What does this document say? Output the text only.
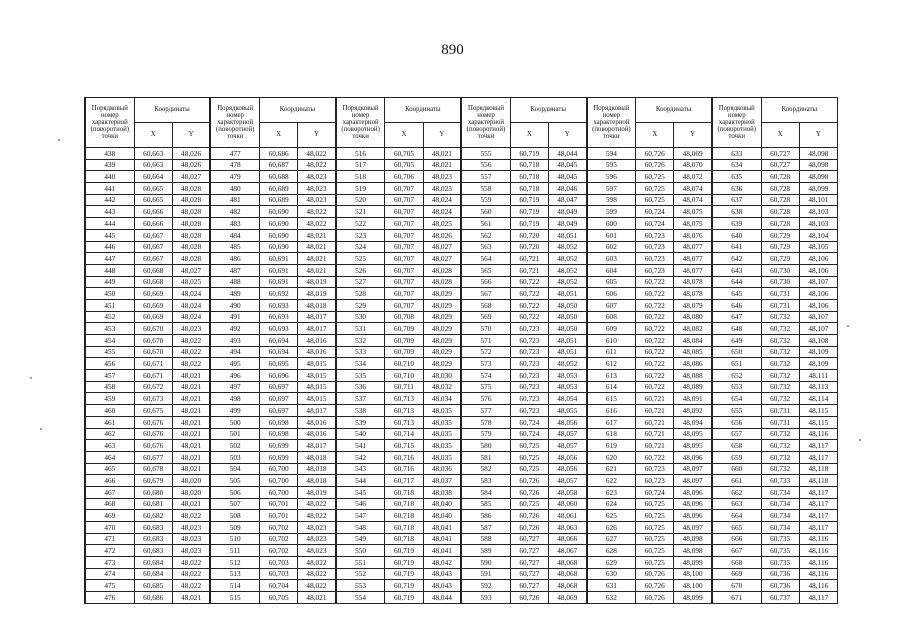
890
Порядковый номер характерной (поворотной) точки	Координаты		Порядковый номер характерной (поворотной) точки	Координаты		Порядковый номер характерной (поворотной) точки	Координаты		Порядковый номер характерной (поворотной) точки	Координаты		Порядковый номер характерной (поворотной) точки	Координаты		Порядковый номер характерной (поворотной) точки	Координаты	
	X	Y		X	Y		X	Y		X	Y		X	Y		X	Y
438	60,663	48,026	477	60,686	48,022	516	60,705	48,021	555	60,719	48,044	594	60,726	48,069	633	60,727	48,098
439	60,663	48,026	478	60,687	48,022	517	60,705	48,021	556	60,718	48,045	595	60,726	48,070	634	60,727	48,098
440	60,664	48,027	479	60,688	48,023	518	60,706	48,023	557	60,718	48,045	596	60,725	48,072	635	60,728	48,098
441	60,665	48,028	480	60,689	48,023	519	60,707	48,023	558	60,718	48,046	597	60,725	48,074	636	60,728	48,099
442	60,665	48,028	481	60,689	48,023	520	60,707	48,024	559	60,719	48,047	598	60,725	48,074	637	60,728	48,101
443	60,666	48,028	482	60,690	48,022	521	60,707	48,024	560	60,719	48,049	599	60,724	48,075	638	60,728	48,103
444	60,666	48,028	483	60,690	48,022	522	60,707	48,025	561	60,719	48,049	600	60,724	48,075	639	60,728	48,103
445	60,667	48,028	484	60,690	48,021	523	60,707	48,026	562	60,720	48,051	601	60,723	48,076	640	60,729	48,104
446	60,667	48,028	485	60,690	48,021	524	60,707	48,027	563	60,720	48,052	602	60,723	48,077	641	60,729	48,105
447	60,667	48,028	486	60,691	48,021	525	60,707	48,027	564	60,721	48,052	603	60,723	48,077	642	60,729	48,106
448	60,668	48,027	487	60,691	48,021	526	60,707	48,028	565	60,721	48,052	604	60,723	48,077	643	60,730	48,106
449	60,668	48,025	488	60,691	48,019	527	60,707	48,028	566	60,722	48,052	605	60,722	48,078	644	60,730	48,107
450	60,669	48,024	489	60,692	48,019	528	60,707	48,029	567	60,722	48,051	606	60,722	48,078	645	60,731	48,106
451	60,669	48,024	490	60,693	48,018	529	60,707	48,029	568	60,722	48,050	607	60,722	48,079	646	60,731	48,106
452	60,669	48,024	491	60,693	48,017	530	60,708	48,029	569	60,722	48,050	608	60,722	48,080	647	60,732	48,107
453	60,670	48,023	492	60,693	48,017	531	60,709	48,029	570	60,723	48,050	609	60,722	48,082	648	60,732	48,107
454	60,670	48,022	493	60,694	48,016	532	60,709	48,029	571	60,723	48,051	610	60,722	48,084	649	60,732	48,108
455	60,670	48,022	494	60,694	48,016	533	60,709	48,029	572	60,723	48,051	611	60,722	48,085	650	60,732	48,109
456	60,671	48,022	495	60,695	48,015	534	60,710	48,029	573	60,723	48,052	612	60,722	48,086	651	60,732	48,109
457	60,671	48,021	496	60,696	48,015	535	60,710	48,030	574	60,723	48,053	613	60,722	48,088	652	60,732	48,111
458	60,672	48,021	497	60,697	48,015	536	60,711	48,032	575	60,723	48,053	614	60,722	48,089	653	60,732	48,113
459	60,673	48,021	498	60,697	48,015	537	60,713	48,034	576	60,723	48,054	615	60,721	48,091	654	60,732	48,114
460	60,675	48,021	499	60,697	48,017	538	60,713	48,035	577	60,723	48,055	616	60,721	48,092	655	60,731	48,115
461	60,676	48,021	500	60,698	48,016	539	60,713	48,035	578	60,724	48,056	617	60,721	48,094	656	60,731	48,115
462	60,676	48,021	501	60,698	48,016	540	60,714	48,035	579	60,724	48,057	618	60,721	48,095	657	60,732	48,116
463	60,676	48,021	502	60,699	48,017	541	60,715	48,035	580	60,725	48,057	619	60,721	48,095	658	60,732	48,117
464	60,677	48,021	503	60,699	48,018	542	60,716	48,035	581	60,725	48,056	620	60,722	48,096	659	60,732	48,117
465	60,678	48,021	504	60,700	48,018	543	60,716	48,036	582	60,725	48,056	621	60,723	48,097	660	60,732	48,118
466	60,679	48,020	505	60,700	48,018	544	60,717	48,037	583	60,726	48,057	622	60,723	48,097	661	60,733	48,118
467	60,680	48,020	506	60,700	48,019	545	60,718	48,038	584	60,726	48,058	623	60,724	48,096	662	60,734	48,117
468	60,681	48,021	507	60,701	48,022	546	60,718	48,040	585	60,725	48,060	624	60,725	48,096	663	60,734	48,117
469	60,682	48,022	508	60,701	48,022	547	60,718	48,040	586	60,726	48,061	625	60,725	48,096	664	60,734	48,117
470	60,683	48,023	509	60,702	48,023	548	60,718	48,041	587	60,726	48,063	626	60,725	48,097	665	60,734	48,117
471	60,683	48,023	510	60,702	48,023	549	60,718	48,041	588	60,727	48,066	627	60,725	48,098	666	60,735	48,116
472	60,683	48,023	511	60,702	48,023	550	60,719	48,041	589	60,727	48,067	628	60,725	48,098	667	60,735	48,116
473	60,684	48,022	512	60,703	48,022	551	60,719	48,042	590	60,727	48,068	629	60,725	48,099	668	60,735	48,116
474	60,684	48,022	513	60,703	48,022	552	60,719	48,043	591	60,727	48,068	630	60,726	48,100	669	60,736	48,116
475	60,685	48,022	514	60,704	48,022	553	60,719	48,043	592	60,727	48,068	631	60,726	48,100	670	60,736	48,116
476	60,686	48,021	515	60,705	48,021	554	60,719	48,044	593	60,726	48,069	632	60,726	48,099	671	60,737	48,117
